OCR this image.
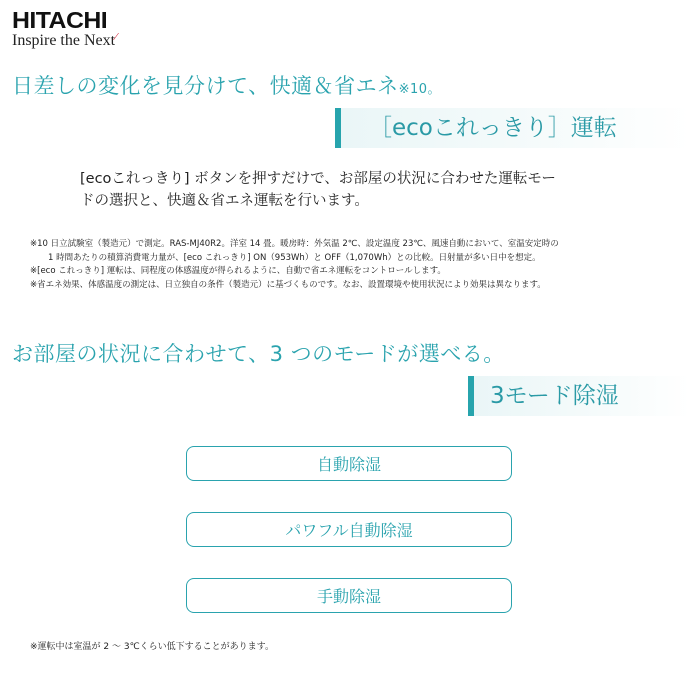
HITACHI
Inspire the Next ⁄
日差しの変化を見分けて、快適＆省エネ※10。
［ecoこれっきり］運転
[ecoこれっきり] ボタンを押すだけで、お部屋の状況に合わせた運転モー
ドの選択と、快適＆省エネ運転を行います。
※10 日立試験室（製造元）で測定。RAS-MJ40R2。洋室 14 畳。暖房時：外気温 2℃、設定温度 23℃、風速自動において、室温安定時の
1 時間あたりの積算消費電力量が、[eco これっきり] ON（953Wh）と OFF（1,070Wh）との比較。日射量が多い日中を想定。
※[eco これっきり] 運転は、同程度の体感温度が得られるように、自動で省エネ運転をコントロールします。
※省エネ効果、体感温度の測定は、日立独自の条件（製造元）に基づくものです。なお、設置環境や使用状況により効果は異なります。
お部屋の状況に合わせて、3 つのモードが選べる。
3モード除湿
自動除湿
パワフル自動除湿
手動除湿
※運転中は室温が 2 ～ 3℃くらい低下することがあります。
